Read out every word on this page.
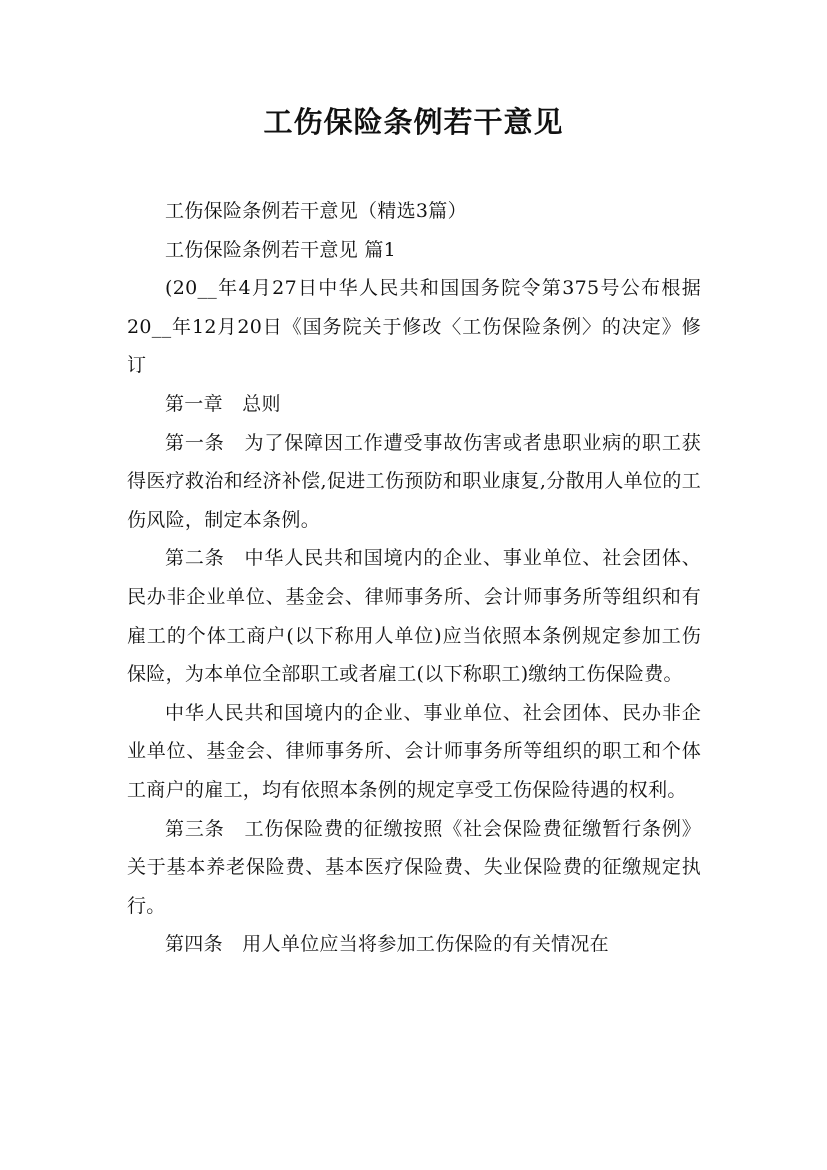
工伤保险条例若干意见

工伤保险条例若干意见（精选3篇）

工伤保险条例若干意见 篇1

(20__年4月27日中华人民共和国国务院令第375号公布根据20__年12月20日《国务院关于修改〈工伤保险条例〉的决定》修订

第一章　总则

第一条　为了保障因工作遭受事故伤害或者患职业病的职工获得医疗救治和经济补偿,促进工伤预防和职业康复,分散用人单位的工伤风险，制定本条例。

第二条　中华人民共和国境内的企业、事业单位、社会团体、民办非企业单位、基金会、律师事务所、会计师事务所等组织和有雇工的个体工商户(以下称用人单位)应当依照本条例规定参加工伤保险，为本单位全部职工或者雇工(以下称职工)缴纳工伤保险费。

中华人民共和国境内的企业、事业单位、社会团体、民办非企业单位、基金会、律师事务所、会计师事务所等组织的职工和个体工商户的雇工，均有依照本条例的规定享受工伤保险待遇的权利。

第三条　工伤保险费的征缴按照《社会保险费征缴暂行条例》关于基本养老保险费、基本医疗保险费、失业保险费的征缴规定执行。

第四条　用人单位应当将参加工伤保险的有关情况在
